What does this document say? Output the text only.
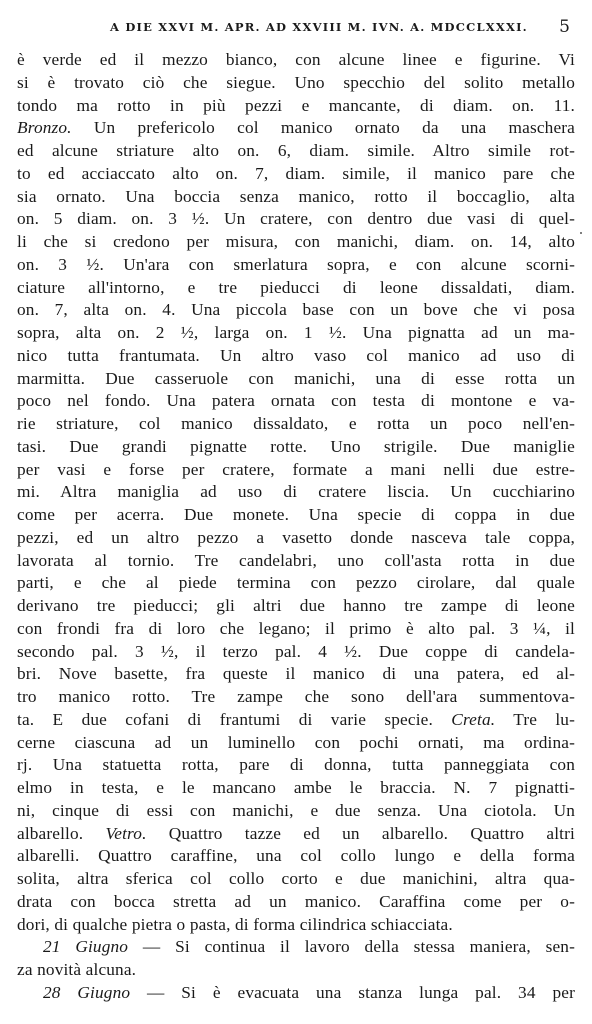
A DIE XXVI M. APR. AD XXVIII M. IVN. A. MDCCLXXXI. 5
è verde ed il mezzo bianco, con alcune linee e figurine. Vi
si è trovato ciò che siegue. Uno specchio del solito metallo
tondo ma rotto in più pezzi e mancante, di diam. on. 11.
Bronzo. Un prefericolo col manico ornato da una maschera
ed alcune striature alto on. 6, diam. simile. Altro simile rot-
to ed acciaccato alto on. 7, diam. simile, il manico pare che
sia ornato. Una boccia senza manico, rotto il boccaglio, alta
on. 5 diam. on. 3 ½. Un cratere, con dentro due vasi di quel-
li che si credono per misura, con manichi, diam. on. 14, alto
on. 3 ½. Un'ara con smerlatura sopra, e con alcune scorni-
ciature all'intorno, e tre pieducci di leone dissaldati, diam.
on. 7, alta on. 4. Una piccola base con un bove che vi posa
sopra, alta on. 2 ½, larga on. 1 ½. Una pignatta ad un ma-
nico tutta frantumata. Un altro vaso col manico ad uso di
marmitta. Due casseruole con manichi, una di esse rotta un
poco nel fondo. Una patera ornata con testa di montone e va-
rie striature, col manico dissaldato, e rotta un poco nell'en-
tasi. Due grandi pignatte rotte. Uno strigile. Due maniglie
per vasi e forse per cratere, formate a mani nelli due estre-
mi. Altra maniglia ad uso di cratere liscia. Un cucchiarino
come per acerra. Due monete. Una specie di coppa in due
pezzi, ed un altro pezzo a vasetto donde nasceva tale coppa,
lavorata al tornio. Tre candelabri, uno coll'asta rotta in due
parti, e che al piede termina con pezzo cirolare, dal quale
derivano tre pieducci; gli altri due hanno tre zampe di leone
con frondi fra di loro che legano; il primo è alto pal. 3 ¼, il
secondo pal. 3 ½, il terzo pal. 4 ½. Due coppe di candela-
bri. Nove basette, fra queste il manico di una patera, ed al-
tro manico rotto. Tre zampe che sono dell'ara summentova-
ta. E due cofani di frantumi di varie specie. Creta. Tre lu-
cerne ciascuna ad un luminello con pochi ornati, ma ordina-
rj. Una statuetta rotta, pare di donna, tutta panneggiata con
elmo in testa, e le mancano ambe le braccia. N. 7 pignatti-
ni, cinque di essi con manichi, e due senza. Una ciotola. Un
albarello. Vetro. Quattro tazze ed un albarello. Quattro altri
albarelli. Quattro caraffine, una col collo lungo e della forma
solita, altra sferica col collo corto e due manichini, altra qua-
drata con bocca stretta ad un manico. Caraffina come per o-
dori, di qualche pietra o pasta, di forma cilindrica schiacciata.
21 Giugno — Si continua il lavoro della stessa maniera, sen-
za novità alcuna.
28 Giugno — Si è evacuata una stanza lunga pal. 34 per
